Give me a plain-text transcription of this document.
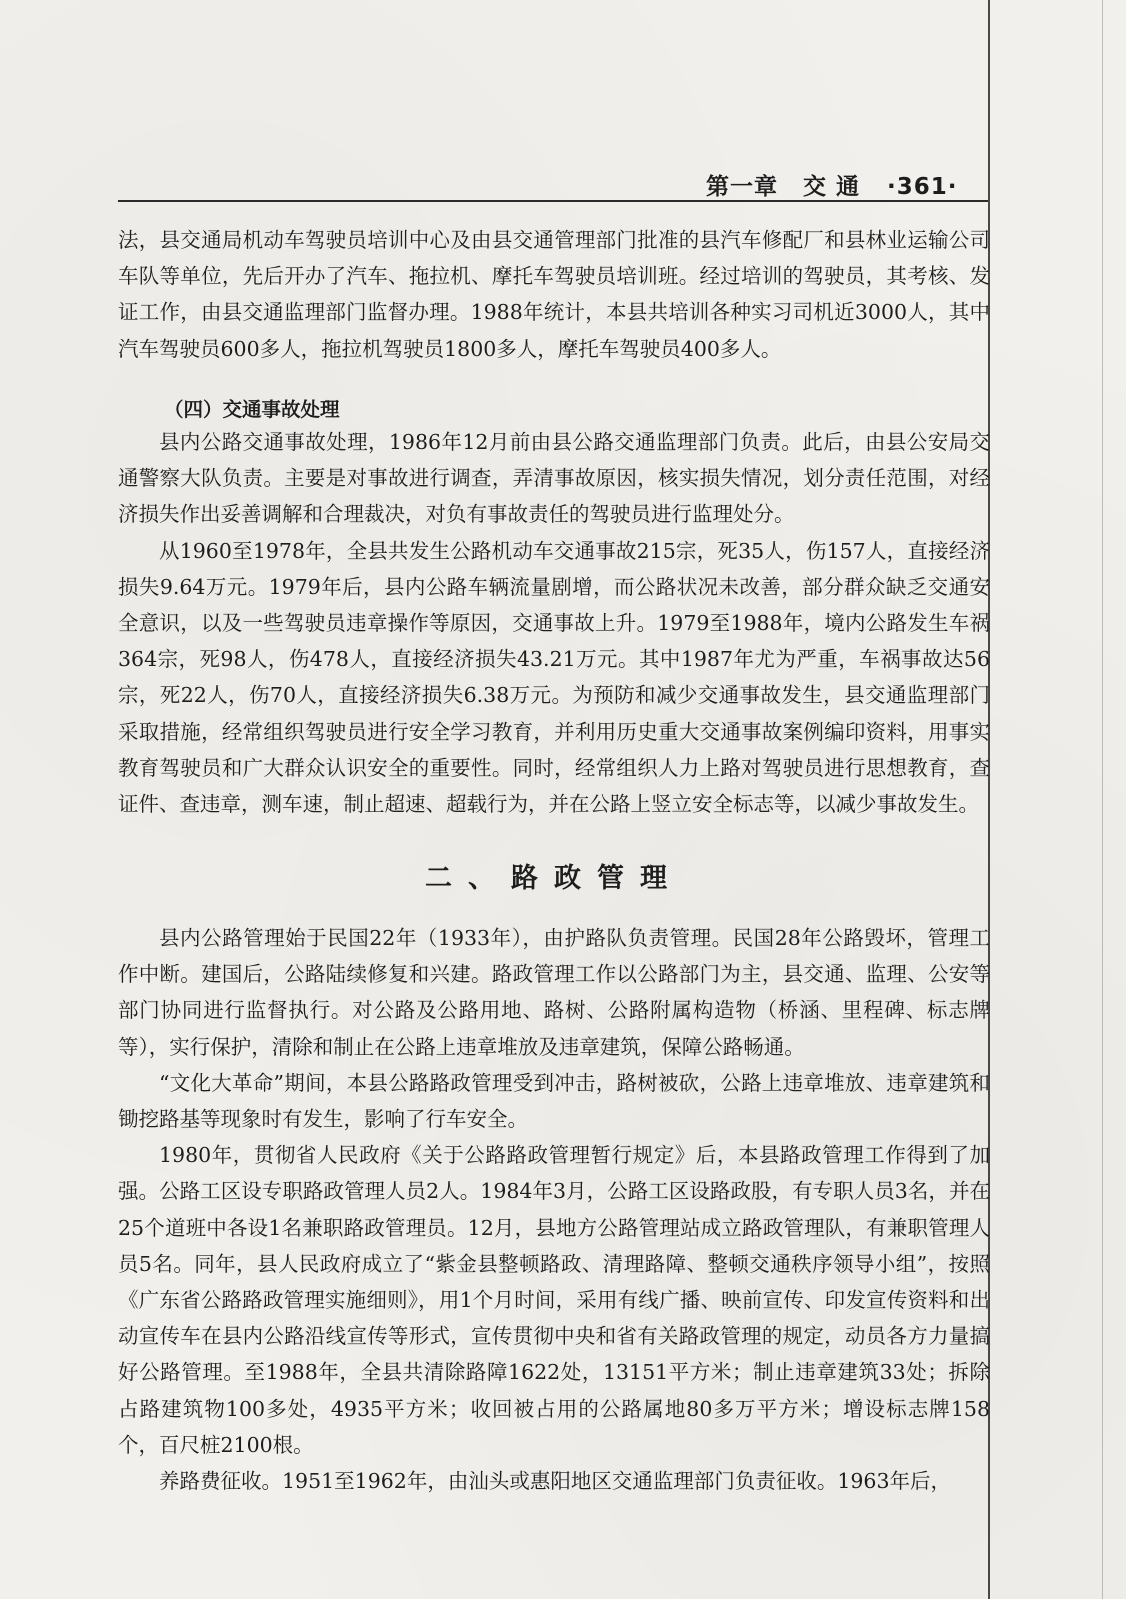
第一章 交 通 ·361·

法，县交通局机动车驾驶员培训中心及由县交通管理部门批准的县汽车修配厂和县林业运输公司车队等单位，先后开办了汽车、拖拉机、摩托车驾驶员培训班。经过培训的驾驶员，其考核、发证工作，由县交通监理部门监督办理。1988年统计，本县共培训各种实习司机近3000人，其中汽车驾驶员600多人，拖拉机驾驶员1800多人，摩托车驾驶员400多人。

（四）交通事故处理

县内公路交通事故处理，1986年12月前由县公路交通监理部门负责。此后，由县公安局交通警察大队负责。主要是对事故进行调查，弄清事故原因，核实损失情况，划分责任范围，对经济损失作出妥善调解和合理裁决，对负有事故责任的驾驶员进行监理处分。

从1960至1978年，全县共发生公路机动车交通事故215宗，死35人，伤157人，直接经济损失9.64万元。1979年后，县内公路车辆流量剧增，而公路状况未改善，部分群众缺乏交通安全意识，以及一些驾驶员违章操作等原因，交通事故上升。1979至1988年，境内公路发生车祸364宗，死98人，伤478人，直接经济损失43.21万元。其中1987年尤为严重，车祸事故达56宗，死22人，伤70人，直接经济损失6.38万元。为预防和减少交通事故发生，县交通监理部门采取措施，经常组织驾驶员进行安全学习教育，并利用历史重大交通事故案例编印资料，用事实教育驾驶员和广大群众认识安全的重要性。同时，经常组织人力上路对驾驶员进行思想教育，查证件、查违章，测车速，制止超速、超载行为，并在公路上竖立安全标志等，以减少事故发生。

二、路政管理

县内公路管理始于民国22年（1933年），由护路队负责管理。民国28年公路毁坏，管理工作中断。建国后，公路陆续修复和兴建。路政管理工作以公路部门为主，县交通、监理、公安等部门协同进行监督执行。对公路及公路用地、路树、公路附属构造物（桥涵、里程碑、标志牌等），实行保护，清除和制止在公路上违章堆放及违章建筑，保障公路畅通。

“文化大革命”期间，本县公路路政管理受到冲击，路树被砍，公路上违章堆放、违章建筑和锄挖路基等现象时有发生，影响了行车安全。

1980年，贯彻省人民政府《关于公路路政管理暂行规定》后，本县路政管理工作得到了加强。公路工区设专职路政管理人员2人。1984年3月，公路工区设路政股，有专职人员3名，并在25个道班中各设1名兼职路政管理员。12月，县地方公路管理站成立路政管理队，有兼职管理人员5名。同年，县人民政府成立了“紫金县整顿路政、清理路障、整顿交通秩序领导小组”，按照《广东省公路路政管理实施细则》，用1个月时间，采用有线广播、映前宣传、印发宣传资料和出动宣传车在县内公路沿线宣传等形式，宣传贯彻中央和省有关路政管理的规定，动员各方力量搞好公路管理。至1988年，全县共清除路障1622处，13151平方米；制止违章建筑33处；拆除占路建筑物100多处，4935平方米；收回被占用的公路属地80多万平方米；增设标志牌158个，百尺桩2100根。

养路费征收。1951至1962年，由汕头或惠阳地区交通监理部门负责征收。1963年后，
